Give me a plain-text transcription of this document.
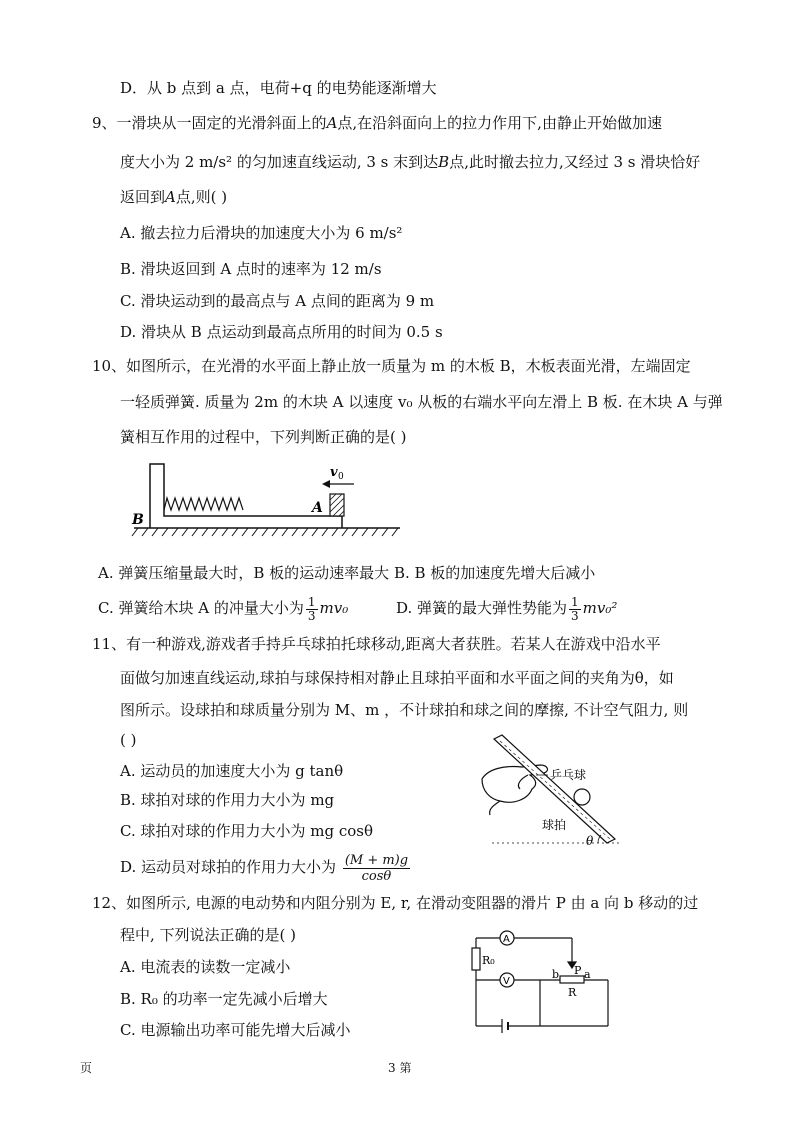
D．从 b 点到 a 点，电荷+q 的电势能逐渐增大
9、一滑块从一固定的光滑斜面上的A点,在沿斜面向上的拉力作用下,由静止开始做加速
度大小为 2 m/s² 的匀加速直线运动, 3 s 末到达B点,此时撤去拉力,又经过 3 s 滑块恰好
返回到A点,则( )
A. 撤去拉力后滑块的加速度大小为 6 m/s²
B. 滑块返回到 A 点时的速率为 12 m/s
C. 滑块运动到的最高点与 A 点间的距离为 9 m
D. 滑块从 B 点运动到最高点所用的时间为 0.5 s
10、如图所示，在光滑的水平面上静止放一质量为 m 的木板 B，木板表面光滑，左端固定
一轻质弹簧. 质量为 2m 的木块 A 以速度 v₀ 从板的右端水平向左滑上 B 板. 在木块 A 与弹
簧相互作用的过程中，下列判断正确的是( )
B
A
v 0
A. 弹簧压缩量最大时，B 板的运动速率最大 B. B 板的加速度先增大后减小
C. 弹簧给木块 A 的冲量大小为 $\frac{1}{3} mv_0$	D. 弹簧的最大弹性势能为 $\frac{1}{3} mv_0^2$
11、有一种游戏,游戏者手持乒乓球拍托球移动,距离大者获胜。若某人在游戏中沿水平
面做匀加速直线运动,球拍与球保持相对静止且球拍平面和水平面之间的夹角为θ，如
图所示。设球拍和球质量分别为 M、m ，不计球拍和球之间的摩擦, 不计空气阻力, 则
( )
A. 运动员的加速度大小为 g tanθ
B. 球拍对球的作用力大小为 mg
C. 球拍对球的作用力大小为 mg cosθ
D. 运动员对球拍的作用力大小为 $\frac{(M + m)g}{\cos\theta}$
乒乓球
球拍
θ
12、如图所示, 电源的电动势和内阻分别为 E, r, 在滑动变阻器的滑片 P 由 a 向 b 移动的过
程中, 下列说法正确的是( )
A. 电流表的读数一定减小
B. R₀ 的功率一定先减小后增大
C. 电源输出功率可能先增大后减小
A
V
R₀
b P a
R
页	3 第
